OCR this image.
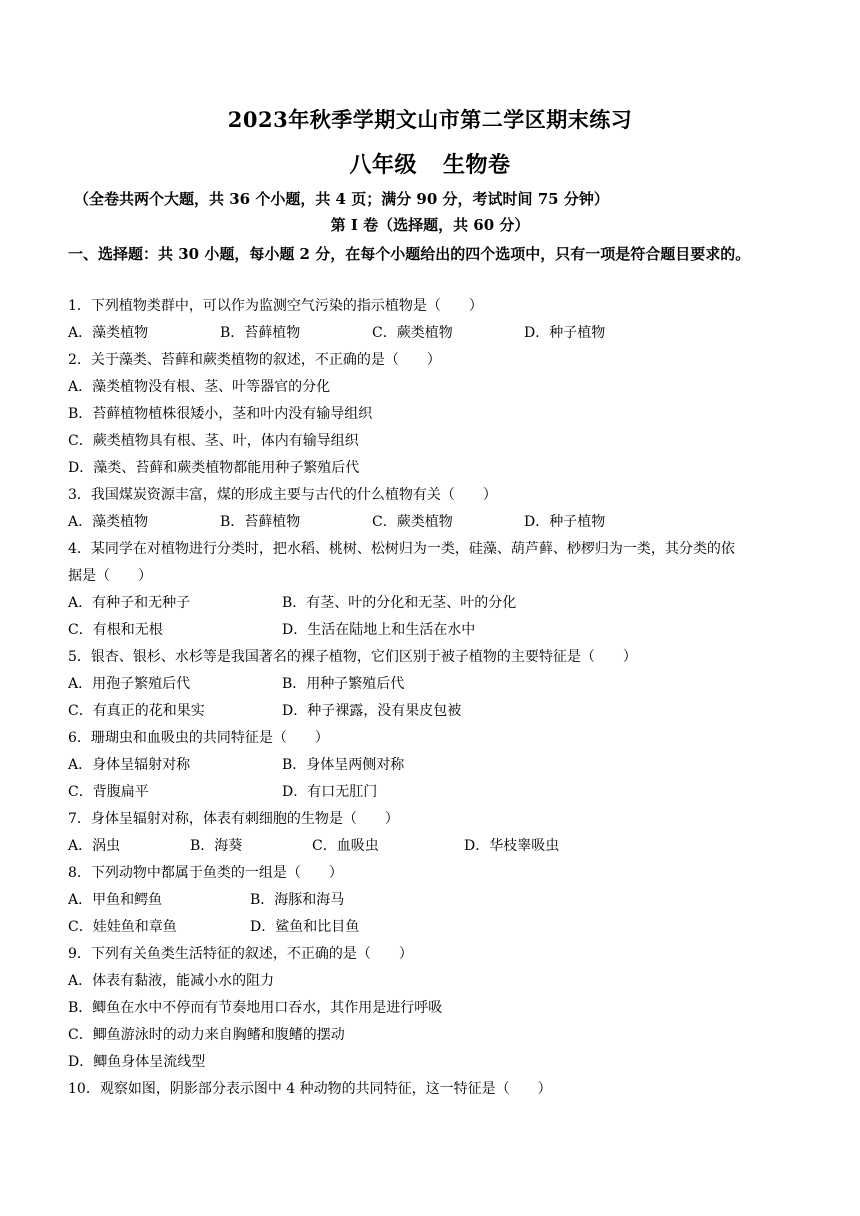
2023年秋季学期文山市第二学区期末练习
八年级 生物卷
（全卷共两个大题，共 36 个小题，共 4 页；满分 90 分，考试时间 75 分钟）
第 I 卷（选择题，共 60 分）
一、选择题：共 30 小题，每小题 2 分，在每个小题给出的四个选项中，只有一项是符合题目要求的。
1．下列植物类群中，可以作为监测空气污染的指示植物是（　　）
A．藻类植物	B．苔藓植物	C．蕨类植物	D．种子植物
2．关于藻类、苔藓和蕨类植物的叙述，不正确的是（　　）
A．藻类植物没有根、茎、叶等器官的分化
B．苔藓植物植株很矮小，茎和叶内没有输导组织
C．蕨类植物具有根、茎、叶，体内有输导组织
D．藻类、苔藓和蕨类植物都能用种子繁殖后代
3．我国煤炭资源丰富，煤的形成主要与古代的什么植物有关（　　）
A．藻类植物	B．苔藓植物	C．蕨类植物	D．种子植物
4．某同学在对植物进行分类时，把水稻、桃树、松树归为一类，硅藻、葫芦藓、桫椤归为一类，其分类的依
据是（　　）
A．有种子和无种子	B．有茎、叶的分化和无茎、叶的分化
C．有根和无根	D．生活在陆地上和生活在水中
5．银杏、银杉、水杉等是我国著名的裸子植物，它们区别于被子植物的主要特征是（　　）
A．用孢子繁殖后代	B．用种子繁殖后代
C．有真正的花和果实	D．种子裸露，没有果皮包被
6．珊瑚虫和血吸虫的共同特征是（　　）
A．身体呈辐射对称	B．身体呈两侧对称
C．背腹扁平	D．有口无肛门
7．身体呈辐射对称，体表有刺细胞的生物是（　　）
A．涡虫	B．海葵	C．血吸虫	D．华枝睾吸虫
8．下列动物中都属于鱼类的一组是（　　）
A．甲鱼和鳄鱼	B．海豚和海马
C．娃娃鱼和章鱼	D．鲨鱼和比目鱼
9．下列有关鱼类生活特征的叙述，不正确的是（　　）
A．体表有黏液，能减小水的阻力
B．鲫鱼在水中不停而有节奏地用口吞水，其作用是进行呼吸
C．鲫鱼游泳时的动力来自胸鳍和腹鳍的摆动
D．鲫鱼身体呈流线型
10．观察如图，阴影部分表示图中 4 种动物的共同特征，这一特征是（　　）
